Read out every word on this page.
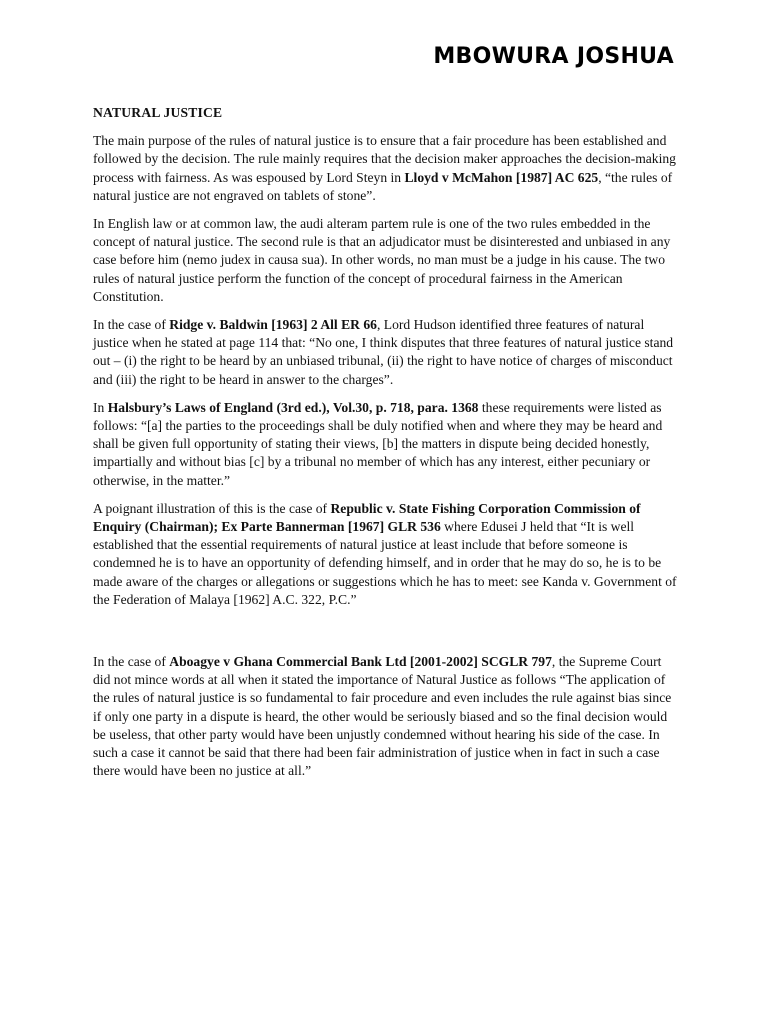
MBOWURA JOSHUA
NATURAL JUSTICE

The main purpose of the rules of natural justice is to ensure that a fair procedure has been established and followed by the decision. The rule mainly requires that the decision maker approaches the decision-making process with fairness. As was espoused by Lord Steyn in Lloyd v McMahon [1987] AC 625, “the rules of natural justice are not engraved on tablets of stone”.

In English law or at common law, the audi alteram partem rule is one of the two rules embedded in the concept of natural justice. The second rule is that an adjudicator must be disinterested and unbiased in any case before him (nemo judex in causa sua). In other words, no man must be a judge in his cause. The two rules of natural justice perform the function of the concept of procedural fairness in the American Constitution.

In the case of Ridge v. Baldwin [1963] 2 All ER 66, Lord Hudson identified three features of natural justice when he stated at page 114 that: “No one, I think disputes that three features of natural justice stand out – (i) the right to be heard by an unbiased tribunal, (ii) the right to have notice of charges of misconduct and (iii) the right to be heard in answer to the charges”.

In Halsbury’s Laws of England (3rd ed.), Vol.30, p. 718, para. 1368 these requirements were listed as follows: “[a] the parties to the proceedings shall be duly notified when and where they may be heard and shall be given full opportunity of stating their views, [b] the matters in dispute being decided honestly, impartially and without bias [c] by a tribunal no member of which has any interest, either pecuniary or otherwise, in the matter.”

A poignant illustration of this is the case of Republic v. State Fishing Corporation Commission of Enquiry (Chairman); Ex Parte Bannerman [1967] GLR 536 where Edusei J held that “It is well established that the essential requirements of natural justice at least include that before someone is condemned he is to have an opportunity of defending himself, and in order that he may do so, he is to be made aware of the charges or allegations or suggestions which he has to meet: see Kanda v. Government of the Federation of Malaya [1962] A.C. 322, P.C.”

In the case of Aboagye v Ghana Commercial Bank Ltd [2001-2002] SCGLR 797, the Supreme Court did not mince words at all when it stated the importance of Natural Justice as follows “The application of the rules of natural justice is so fundamental to fair procedure and even includes the rule against bias since if only one party in a dispute is heard, the other would be seriously biased and so the final decision would be useless, that other party would have been unjustly condemned without hearing his side of the case. In such a case it cannot be said that there had been fair administration of justice when in fact in such a case there would have been no justice at all.”
